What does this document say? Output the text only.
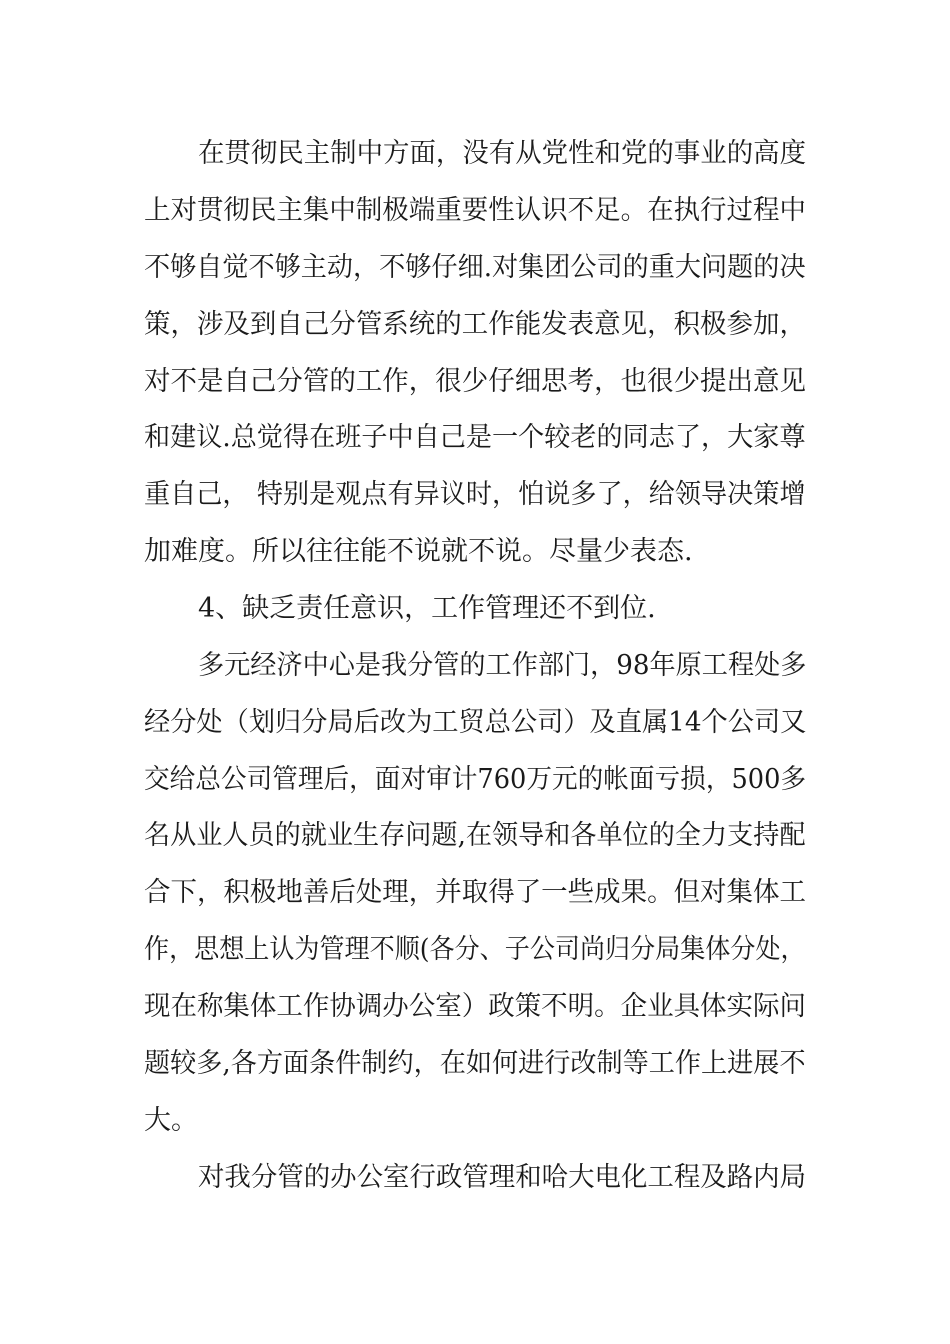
在贯彻民主制中方面，没有从党性和党的事业的高度
上对贯彻民主集中制极端重要性认识不足。在执行过程中
不够自觉不够主动，不够仔细.对集团公司的重大问题的决
策，涉及到自己分管系统的工作能发表意见，积极参加，
对不是自己分管的工作，很少仔细思考，也很少提出意见
和建议.总觉得在班子中自己是一个较老的同志了，大家尊
重自己， 特别是观点有异议时，怕说多了，给领导决策增
加难度。所以往往能不说就不说。尽量少表态.
4、缺乏责任意识，工作管理还不到位.
多元经济中心是我分管的工作部门，98年原工程处多
经分处（划归分局后改为工贸总公司）及直属14个公司又
交给总公司管理后，面对审计760万元的帐面亏损，500多
名从业人员的就业生存问题,在领导和各单位的全力支持配
合下，积极地善后处理，并取得了一些成果。但对集体工
作，思想上认为管理不顺(各分、子公司尚归分局集体分处，
现在称集体工作协调办公室）政策不明。企业具体实际问
题较多,各方面条件制约，在如何进行改制等工作上进展不
大。
对我分管的办公室行政管理和哈大电化工程及路内局
